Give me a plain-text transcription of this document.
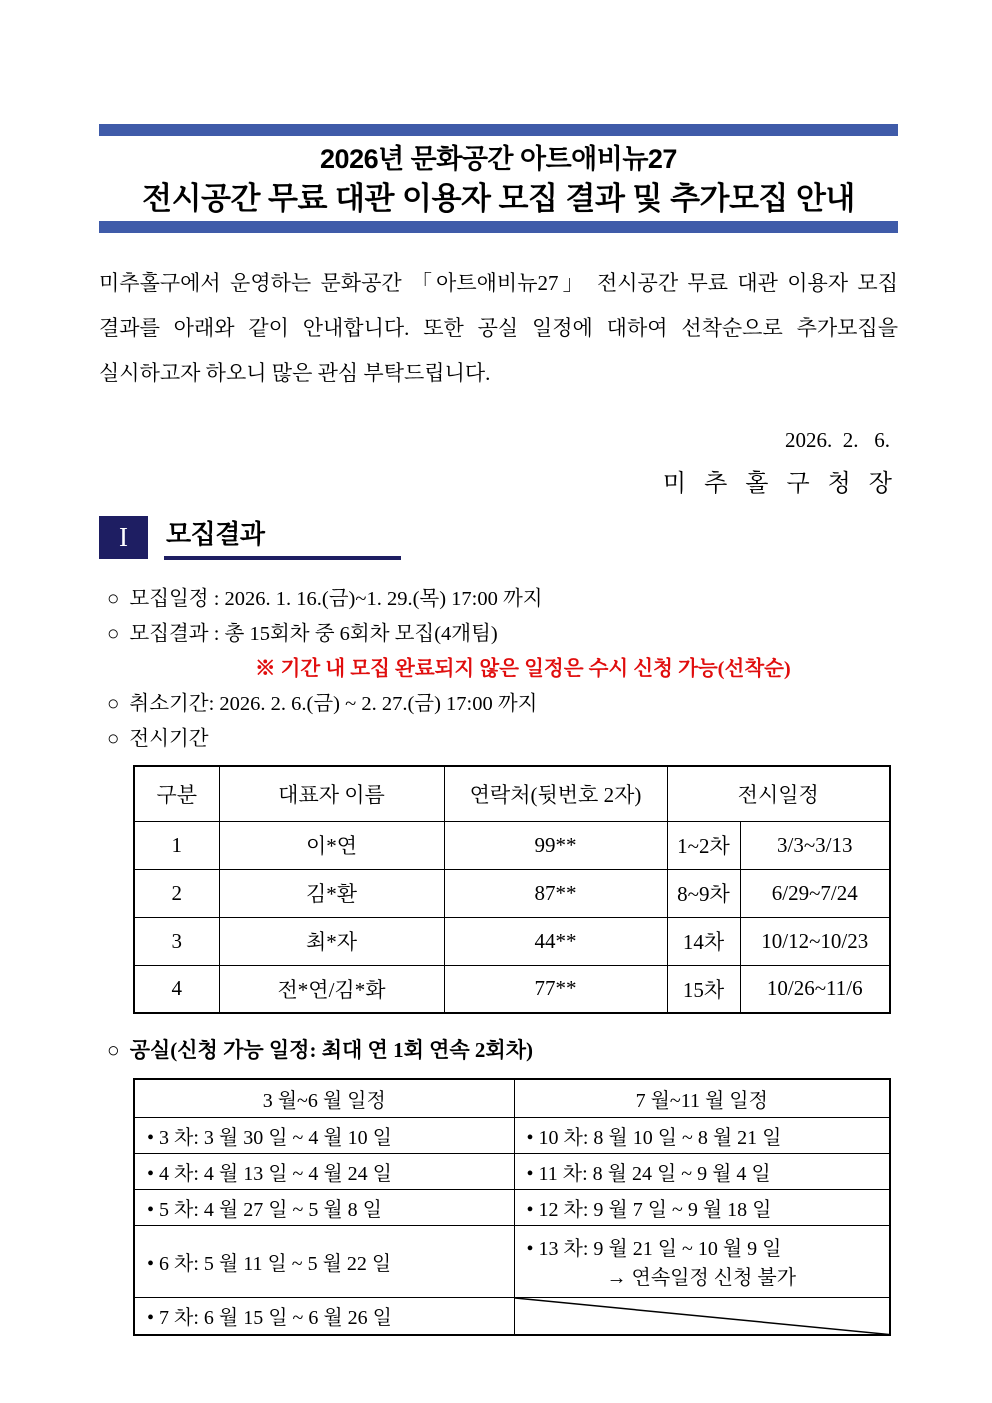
2026년 문화공간 아트애비뉴27
전시공간 무료 대관 이용자 모집 결과 및 추가모집 안내

미추홀구에서 운영하는 문화공간 「아트애비뉴27」 전시공간 무료 대관 이용자 모집 결과를 아래와 같이 안내합니다. 또한 공실 일정에 대하여 선착순으로 추가모집을 실시하고자 하오니 많은 관심 부탁드립니다.

2026.  2.   6.
미 추 홀 구 청 장
I	모집결과
○ 모집일정 : 2026. 1. 16.(금)~1. 29.(목) 17:00 까지
○ 모집결과 : 총 15회차 중 6회차 모집(4개팀)
※ 기간 내 모집 완료되지 않은 일정은 수시 신청 가능(선착순)
○ 취소기간: 2026. 2. 6.(금) ~ 2. 27.(금) 17:00 까지
○ 전시기간
구분	대표자 이름	연락처(뒷번호 2자)	전시일정	
1	이*연	99**	1~2차	3/3~3/13
2	김*환	87**	8~9차	6/29~7/24
3	최*자	44**	14차	10/12~10/23
4	전*연/김*화	77**	15차	10/26~11/6
○ 공실(신청 가능 일정: 최대 연 1회 연속 2회차)
3 월~6 월 일정	7 월~11 월 일정
• 3 차: 3 월 30 일 ~ 4 월 10 일	• 10 차: 8 월 10 일 ~ 8 월 21 일
• 4 차: 4 월 13 일 ~ 4 월 24 일	• 11 차: 8 월 24 일 ~ 9 월 4 일
• 5 차: 4 월 27 일 ~ 5 월 8 일	• 12 차: 9 월 7 일 ~ 9 월 18 일
• 6 차: 5 월 11 일 ~ 5 월 22 일	• 13 차: 9 월 21 일 ~ 10 월 9 일
→ 연속일정 신청 불가

• 7 차: 6 월 15 일 ~ 6 월 26 일	
